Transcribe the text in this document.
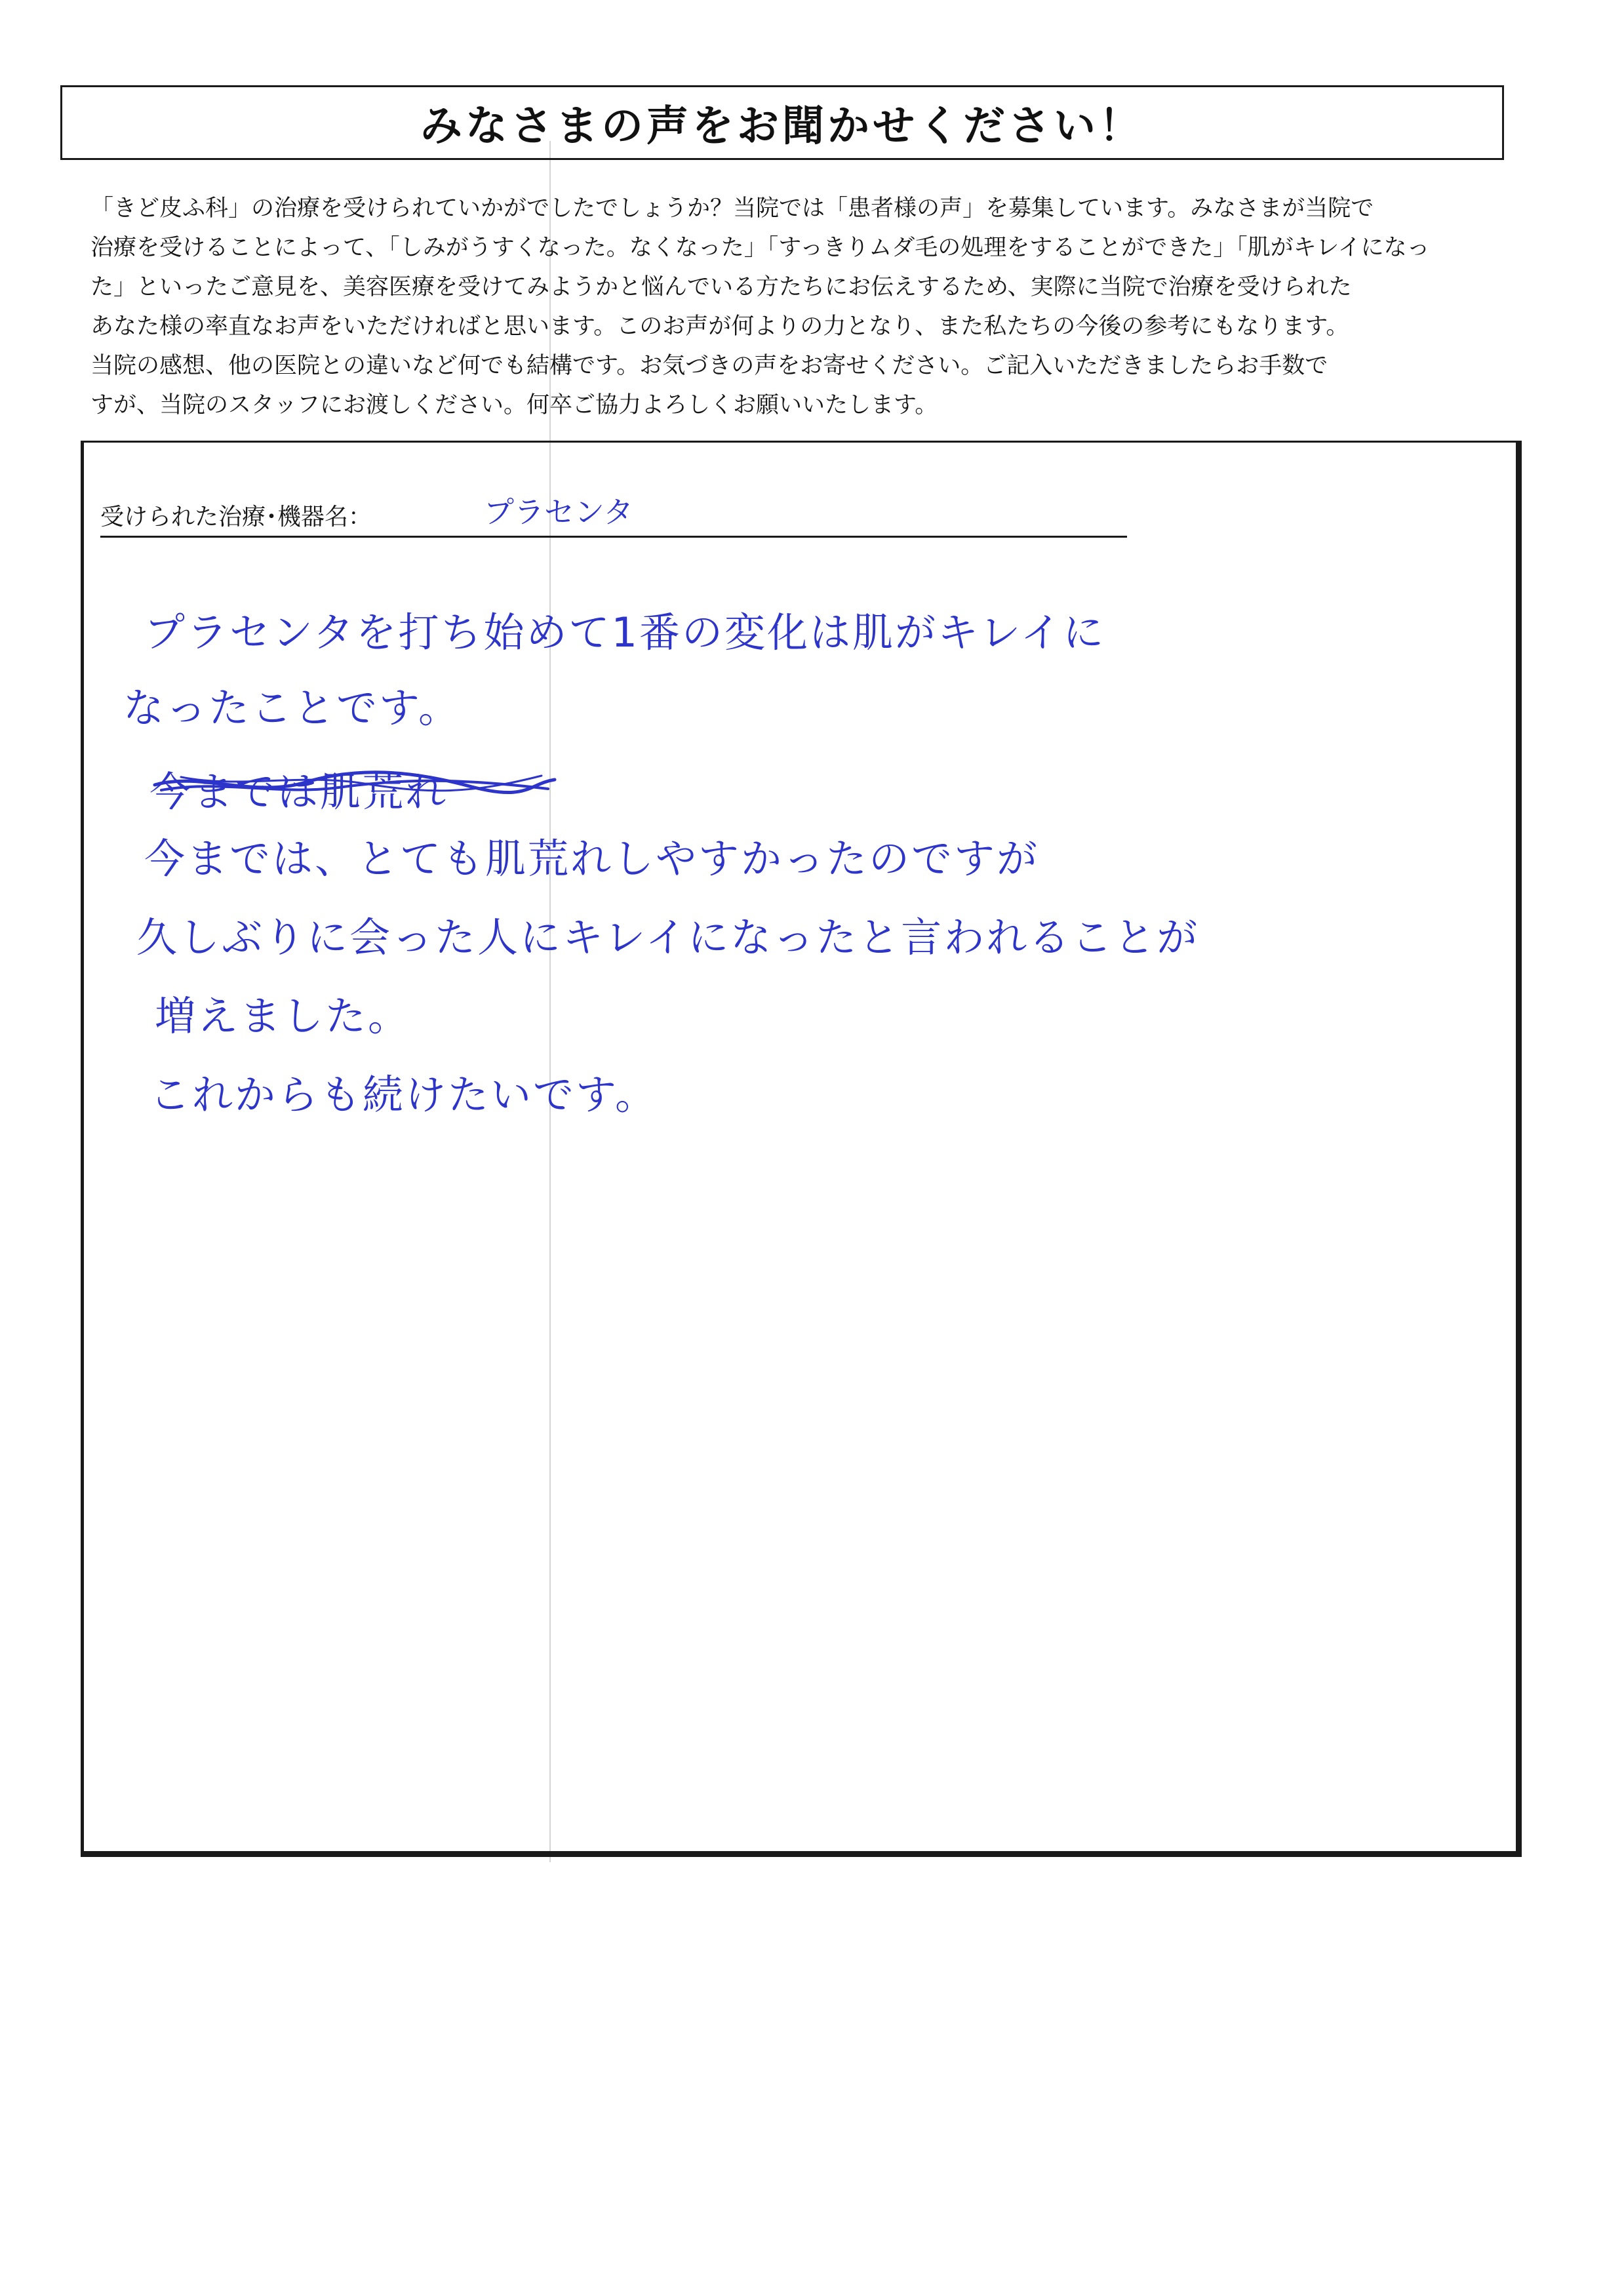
みなさまの声をお聞かせください！
「きど皮ふ科」の治療を受けられていかがでしたでしょうか？当院では「患者様の声」を募集しています。みなさまが当院で
治療を受けることによって、「しみがうすくなった。なくなった」「すっきりムダ毛の処理をすることができた」「肌がキレイになっ
た」といったご意見を、美容医療を受けてみようかと悩んでいる方たちにお伝えするため、実際に当院で治療を受けられた
あなた様の率直なお声をいただければと思います。このお声が何よりの力となり、また私たちの今後の参考にもなります。
当院の感想、他の医院との違いなど何でも結構です。お気づきの声をお寄せください。ご記入いただきましたらお手数で
すが、当院のスタッフにお渡しください。何卒ご協力よろしくお願いいたします。
受けられた治療･機器名：	プラセンタ
プラセンタを打ち始めて1番の変化は肌がキレイに
なったことです。
今までは肌荒れ
今までは、とても肌荒れしやすかったのですが
久しぶりに会った人にキレイになったと言われることが
増えました。
これからも続けたいです。
